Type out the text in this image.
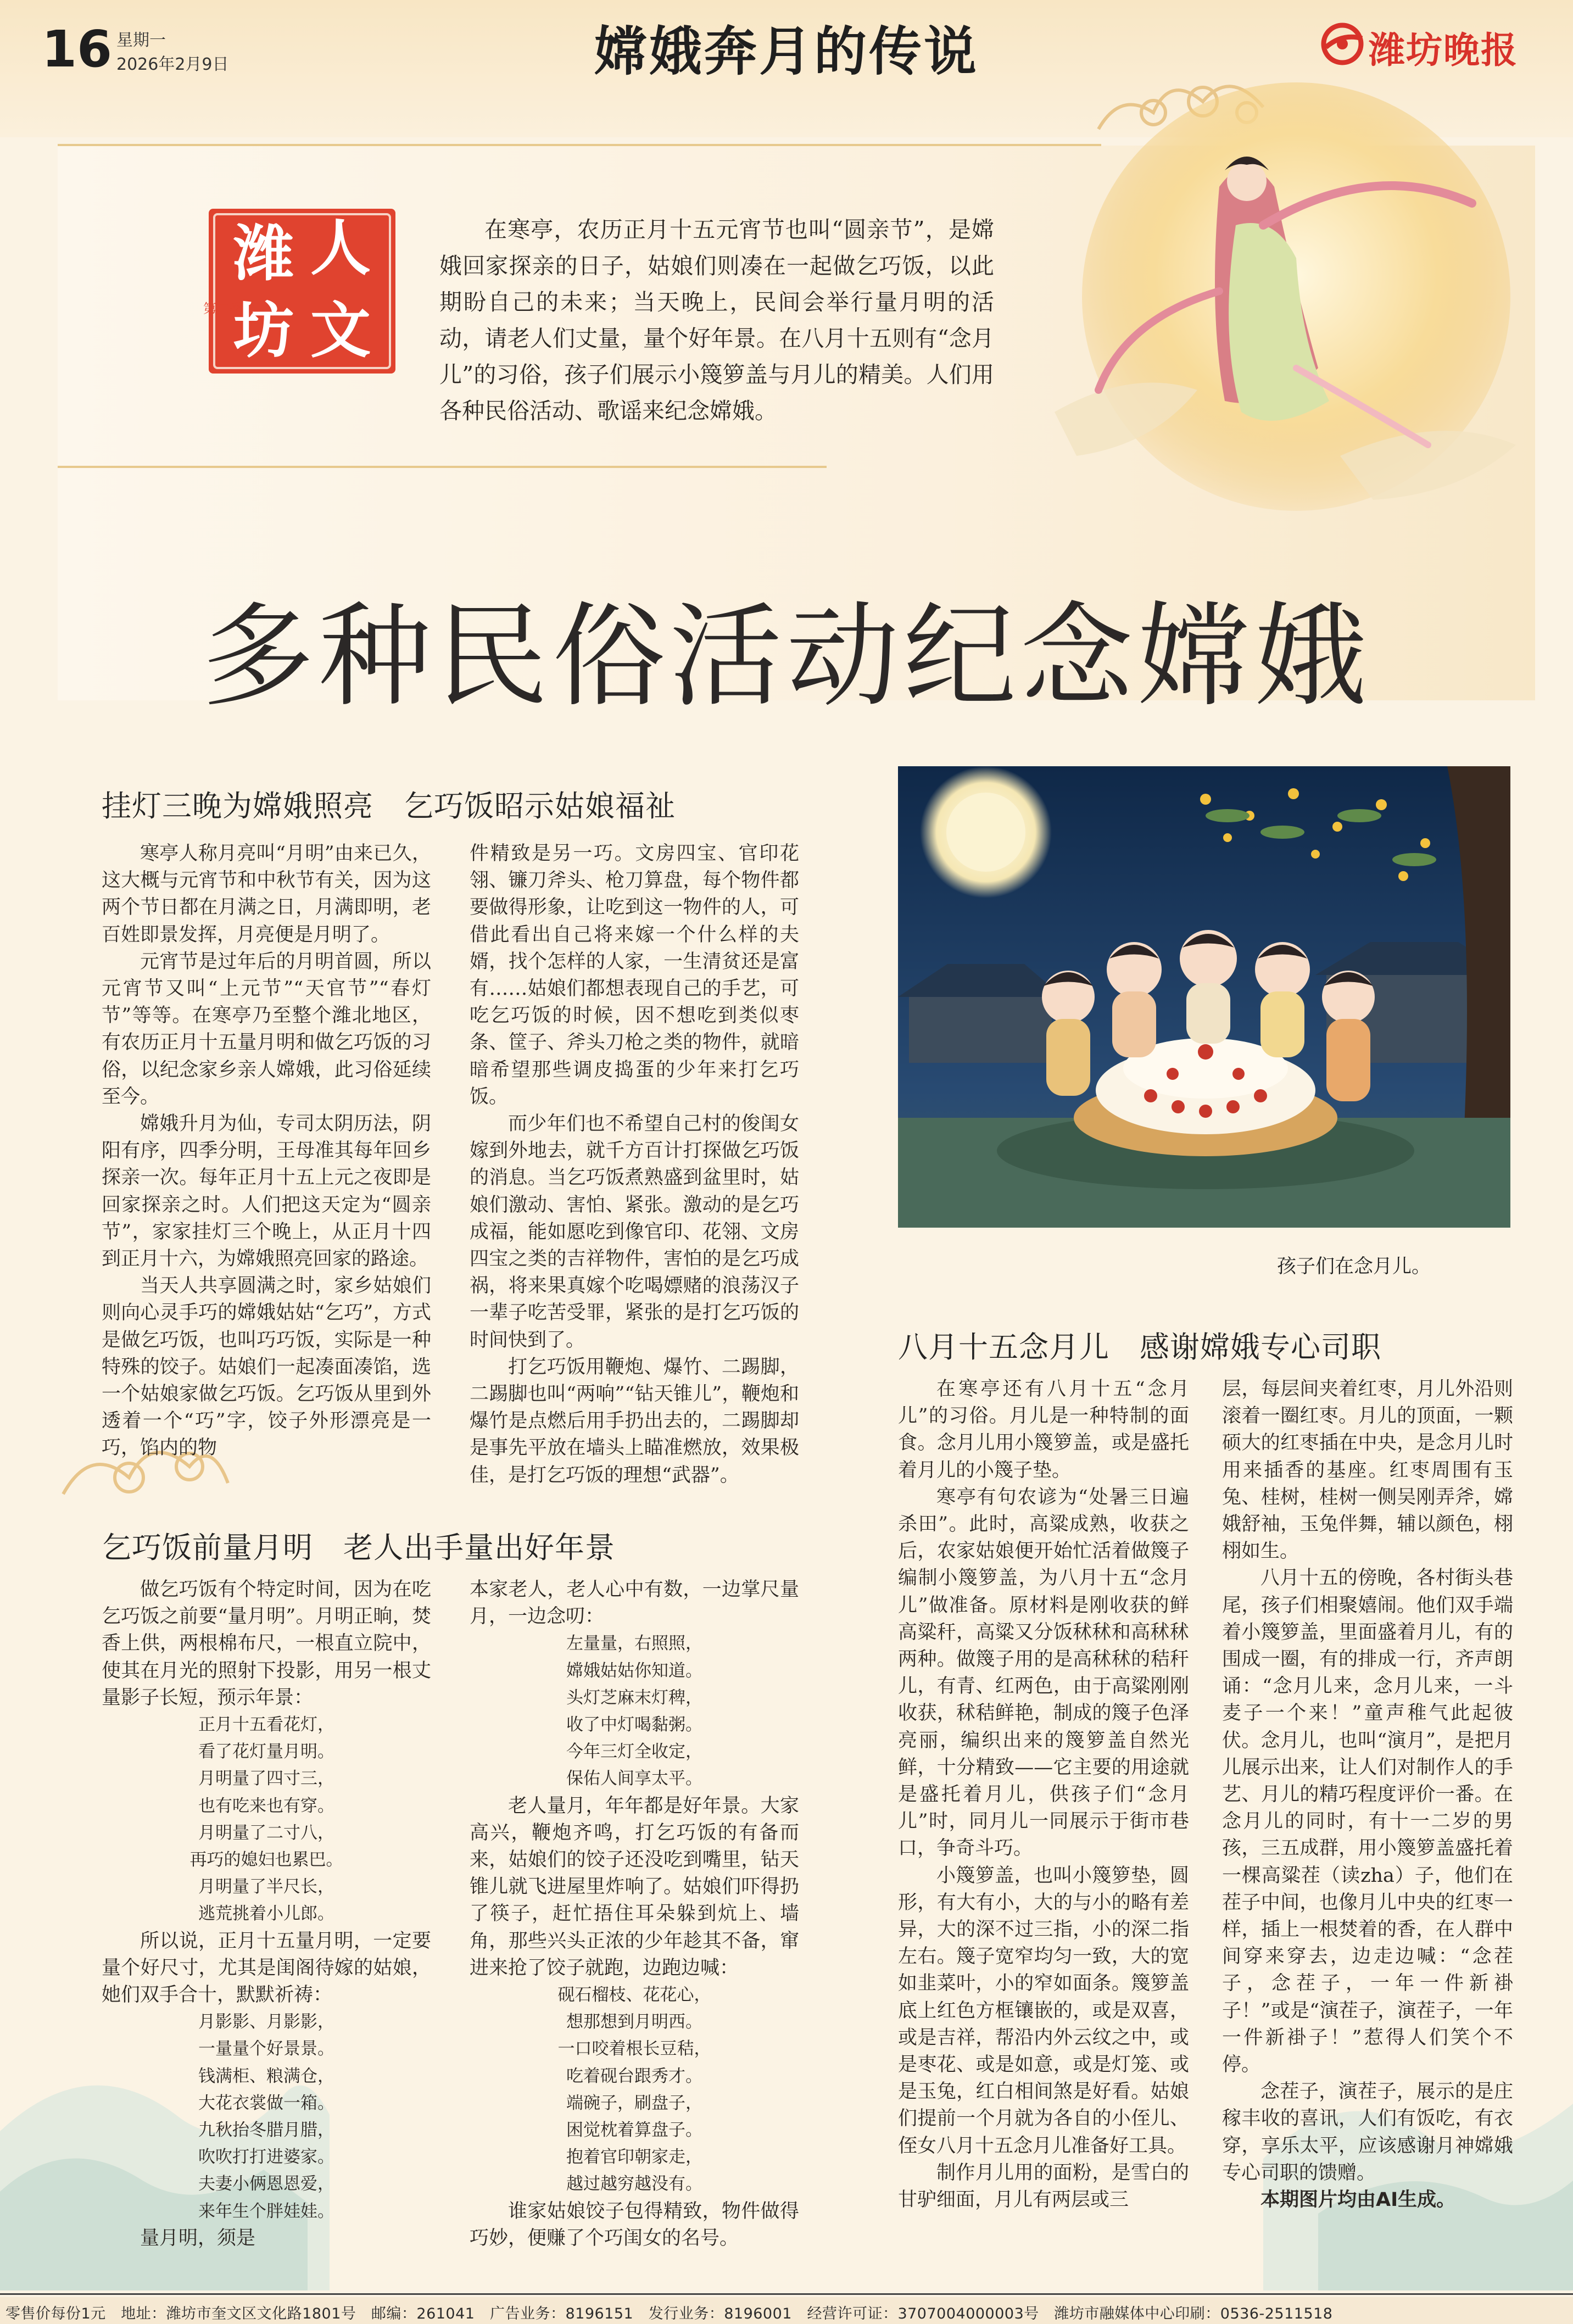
16 星期一
2026年2月9日	嫦娥奔月的传说	潍坊晚报
潍 人
坊 文
第二季
在寒亭，农历正月十五元宵节也叫“圆亲节”，是嫦娥回家探亲的日子，姑娘们则凑在一起做乞巧饭，以此期盼自己的未来；当天晚上，民间会举行量月明的活动，请老人们丈量，量个好年景。在八月十五则有“念月儿”的习俗，孩子们展示小篾箩盖与月儿的精美。人们用各种民俗活动、歌谣来纪念嫦娥。
多种民俗活动纪念嫦娥
挂灯三晚为嫦娥照亮　乞巧饭昭示姑娘福祉

寒亭人称月亮叫“月明”由来已久，这大概与元宵节和中秋节有关，因为这两个节日都在月满之日，月满即明，老百姓即景发挥，月亮便是月明了。

元宵节是过年后的月明首圆，所以元宵节又叫“上元节”“天官节”“春灯节”等等。在寒亭乃至整个潍北地区，有农历正月十五量月明和做乞巧饭的习俗，以纪念家乡亲人嫦娥，此习俗延续至今。

嫦娥升月为仙，专司太阴历法，阴阳有序，四季分明，王母准其每年回乡探亲一次。每年正月十五上元之夜即是回家探亲之时。人们把这天定为“圆亲节”，家家挂灯三个晚上，从正月十四到正月十六，为嫦娥照亮回家的路途。

当天人共享圆满之时，家乡姑娘们则向心灵手巧的嫦娥姑姑“乞巧”，方式是做乞巧饭，也叫巧巧饭，实际是一种特殊的饺子。姑娘们一起凑面凑馅，选一个姑娘家做乞巧饭。乞巧饭从里到外透着一个“巧”字，饺子外形漂亮是一巧，馅内的物

件精致是另一巧。文房四宝、官印花翎、镰刀斧头、枪刀算盘，每个物件都要做得形象，让吃到这一物件的人，可借此看出自己将来嫁一个什么样的夫婿，找个怎样的人家，一生清贫还是富有……姑娘们都想表现自己的手艺，可吃乞巧饭的时候，因不想吃到类似枣条、筐子、斧头刀枪之类的物件，就暗暗希望那些调皮捣蛋的少年来打乞巧饭。

而少年们也不希望自己村的俊闺女嫁到外地去，就千方百计打探做乞巧饭的消息。当乞巧饭煮熟盛到盆里时，姑娘们激动、害怕、紧张。激动的是乞巧成福，能如愿吃到像官印、花翎、文房四宝之类的吉祥物件，害怕的是乞巧成祸，将来果真嫁个吃喝嫖赌的浪荡汉子一辈子吃苦受罪，紧张的是打乞巧饭的时间快到了。

打乞巧饭用鞭炮、爆竹、二踢脚，二踢脚也叫“两响”“钻天锥儿”，鞭炮和爆竹是点燃后用手扔出去的，二踢脚却是事先平放在墙头上瞄准燃放，效果极佳，是打乞巧饭的理想“武器”。

乞巧饭前量月明　老人出手量出好年景

做乞巧饭有个特定时间，因为在吃乞巧饭之前要“量月明”。月明正晌，焚香上供，两根棉布尺，一根直立院中，使其在月光的照射下投影，用另一根丈量影子长短，预示年景：

正月十五看花灯，
看了花灯量月明。
月明量了四寸三，
也有吃来也有穿。
月明量了二寸八，
再巧的媳妇也累巴。
月明量了半尺长，
逃荒挑着小儿郎。

所以说，正月十五量月明，一定要量个好尺寸，尤其是闺阁待嫁的姑娘，她们双手合十，默默祈祷：

月影影、月影影，
一量量个好景景。
钱满柜、粮满仓，
大花衣裳做一箱。
九秋抬冬腊月腊，
吹吹打打进婆家。
夫妻小俩恩恩爱，
来年生个胖娃娃。

量月明，须是

本家老人，老人心中有数，一边掌尺量月，一边念叨：

左量量，右照照，
嫦娥姑姑你知道。
头灯芝麻末灯稗，
收了中灯喝黏粥。
今年三灯全收定，
保佑人间享太平。

老人量月，年年都是好年景。大家高兴，鞭炮齐鸣，打乞巧饭的有备而来，姑娘们的饺子还没吃到嘴里，钻天锥儿就飞进屋里炸响了。姑娘们吓得扔了筷子，赶忙捂住耳朵躲到炕上、墙角，那些兴头正浓的少年趁其不备，窜进来抢了饺子就跑，边跑边喊：

砚石榴枝、花花心，
想那想到月明西。
一口咬着根长豆秸，
吃着砚台跟秀才。
端碗子，刷盘子，
困觉枕着算盘子。
抱着官印朝家走，
越过越穷越没有。

谁家姑娘饺子包得精致，物件做得巧妙，便赚了个巧闺女的名号。

孩子们在念月儿。
八月十五念月儿　感谢嫦娥专心司职

在寒亭还有八月十五“念月儿”的习俗。月儿是一种特制的面食。念月儿用小篾箩盖，或是盛托着月儿的小篾子垫。

寒亭有句农谚为“处暑三日遍杀田”。此时，高粱成熟，收获之后，农家姑娘便开始忙活着做篾子编制小篾箩盖，为八月十五“念月儿”做准备。原材料是刚收获的鲜高粱秆，高粱又分饭秫秫和高秫秫两种。做篾子用的是高秫秫的秸秆儿，有青、红两色，由于高粱刚刚收获，秫秸鲜艳，制成的篾子色泽亮丽，编织出来的篾箩盖自然光鲜，十分精致——它主要的用途就是盛托着月儿，供孩子们“念月儿”时，同月儿一同展示于街市巷口，争奇斗巧。

小篾箩盖，也叫小篾箩垫，圆形，有大有小，大的与小的略有差异，大的深不过三指，小的深二指左右。篾子宽窄均匀一致，大的宽如韭菜叶，小的窄如面条。篾箩盖底上红色方框镶嵌的，或是双喜，或是吉祥，帮沿内外云纹之中，或是枣花、或是如意，或是灯笼、或是玉兔，红白相间煞是好看。姑娘们提前一个月就为各自的小侄儿、侄女八月十五念月儿准备好工具。

制作月儿用的面粉，是雪白的甘驴细面，月儿有两层或三

层，每层间夹着红枣，月儿外沿则滚着一圈红枣。月儿的顶面，一颗硕大的红枣插在中央，是念月儿时用来插香的基座。红枣周围有玉兔、桂树，桂树一侧吴刚弄斧，嫦娥舒袖，玉兔伴舞，辅以颜色，栩栩如生。

八月十五的傍晚，各村街头巷尾，孩子们相聚嬉闹。他们双手端着小篾箩盖，里面盛着月儿，有的围成一圈，有的排成一行，齐声朗诵：“念月儿来，念月儿来，一斗麦子一个来！”童声稚气此起彼伏。念月儿，也叫“演月”，是把月儿展示出来，让人们对制作人的手艺、月儿的精巧程度评价一番。在念月儿的同时，有十一二岁的男孩，三五成群，用小篾箩盖盛托着一棵高粱茬（读zha）子，他们在茬子中间，也像月儿中央的红枣一样，插上一根焚着的香，在人群中间穿来穿去，边走边喊：“念茬子，念茬子，一年一件新褂子！”或是“演茬子，演茬子，一年一件新褂子！”惹得人们笑个不停。

念茬子，演茬子，展示的是庄稼丰收的喜讯，人们有饭吃，有衣穿，享乐太平，应该感谢月神嫦娥专心司职的馈赠。

本期图片均由AI生成。

零售价每份1元　地址：潍坊市奎文区文化路1801号　邮编：261041　广告业务：8196151　发行业务：8196001　经营许可证：3707004000003号　潍坊市融媒体中心印刷：0536-2511518
